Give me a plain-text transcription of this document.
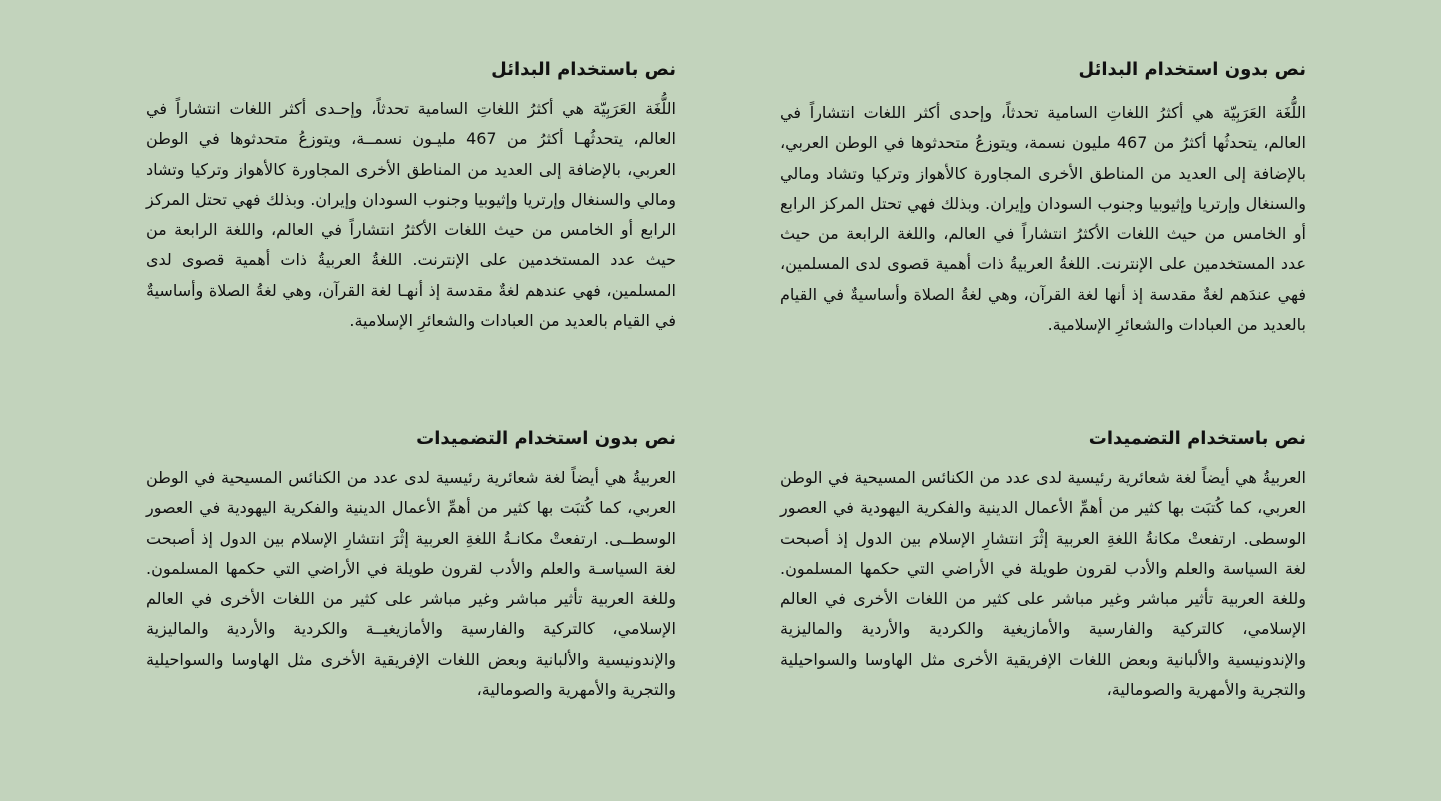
نص بدون استخدام البدائل

اللُّغَة العَرَبِيّة هي أكثرُ اللغاتِ السامية تحدثاً، وإحدى أكثر اللغات انتشاراً في العالم، يتحدثُها أكثرُ من 467 مليون نسمة، ويتوزعُ متحدثوها في الوطن العربي، بالإضافة إلى العديد من المناطق الأخرى المجاورة كالأهواز وتركيا وتشاد ومالي والسنغال وإرتريا وإثيوبيا وجنوب السودان وإيران. وبذلك فهي تحتل المركز الرابع أو الخامس من حيث اللغات الأكثرُ انتشاراً في العالم، واللغة الرابعة من حيث عدد المستخدمين على الإنترنت. اللغةُ العربيةُ ذات أهمية قصوى لدى المسلمين، فهي عندَهم لغةٌ مقدسة إذ أنها لغة القرآن، وهي لغةُ الصلاة وأساسيةٌ في القيام بالعديد من العبادات والشعائرِ الإسلامية.

نص باستخدام البدائل

اللُّغَة العَرَبِيّة هي أكثرُ اللغاتِ السامية تحدثاً، وإحـدى أكثر اللغات انتشاراً في العالم، يتحدثُهـا أكثرُ من 467 مليـون نسمــة، ويتوزعُ متحدثوها في الوطن العربي، بالإضافة إلى العديد من المناطق الأخرى المجاورة كالأهواز وتركيا وتشاد ومالي والسنغال وإرتريا وإثيوبيا وجنوب السودان وإيران. وبذلك فهي تحتل المركز الرابع أو الخامس من حيث اللغات الأكثرُ انتشاراً في العالم، واللغة الرابعة من حيث عدد المستخدمين على الإنترنت. اللغةُ العربيةُ ذات أهمية قصوى لدى المسلمين، فهي عندهم لغةٌ مقدسة إذ أنهـا لغة القرآن، وهي لغةُ الصلاة وأساسيةٌ في القيام بالعديد من العبادات والشعائرِ الإسلامية.

نص باستخدام التضميدات

العربيةُ هي أيضاً لغة شعائرية رئيسية لدى عدد من الكنائس المسيحية في الوطن العربي، كما كُتبَت بها كثير من أهمِّ الأعمال الدينية والفكرية اليهودية في العصور الوسطى. ارتفعتْ مكانةُ اللغةِ العربية إثْرَ انتشارِ الإسلام بين الدول إذ أصبحت لغة السياسة والعلم والأدب لقرون طويلة في الأراضي التي حكمها المسلمون. وللغة العربية تأثير مباشر وغير مباشر على كثير من اللغات الأخرى في العالم الإسلامي، كالتركية والفارسية والأمازيغية والكردية والأردية والماليزية والإندونيسية والألبانية وبعض اللغات الإفريقية الأخرى مثل الهاوسا والسواحيلية والتجرية والأمهرية والصومالية،

نص بدون استخدام التضميدات

العربيةُ هي أيضاً لغة شعائرية رئيسية لدى عدد من الكنائس المسيحية في الوطن العربي، كما كُتبَت بها كثير من أهمِّ الأعمال الدينية والفكرية اليهودية في العصور الوسطــى. ارتفعتْ مكانـةُ اللغةِ العربية إثْرَ انتشارِ الإسلام بين الدول إذ أصبحت لغة السياسـة والعلم والأدب لقرون طويلة في الأراضي التي حكمها المسلمون. وللغة العربية تأثير مباشر وغير مباشر على كثير من اللغات الأخرى في العالم الإسلامي، كالتركية والفارسية والأمازيغيــة والكردية والأردية والماليزية والإندونيسية والألبانية وبعض اللغات الإفريقية الأخرى مثل الهاوسا والسواحيلية والتجرية والأمهرية والصومالية،
